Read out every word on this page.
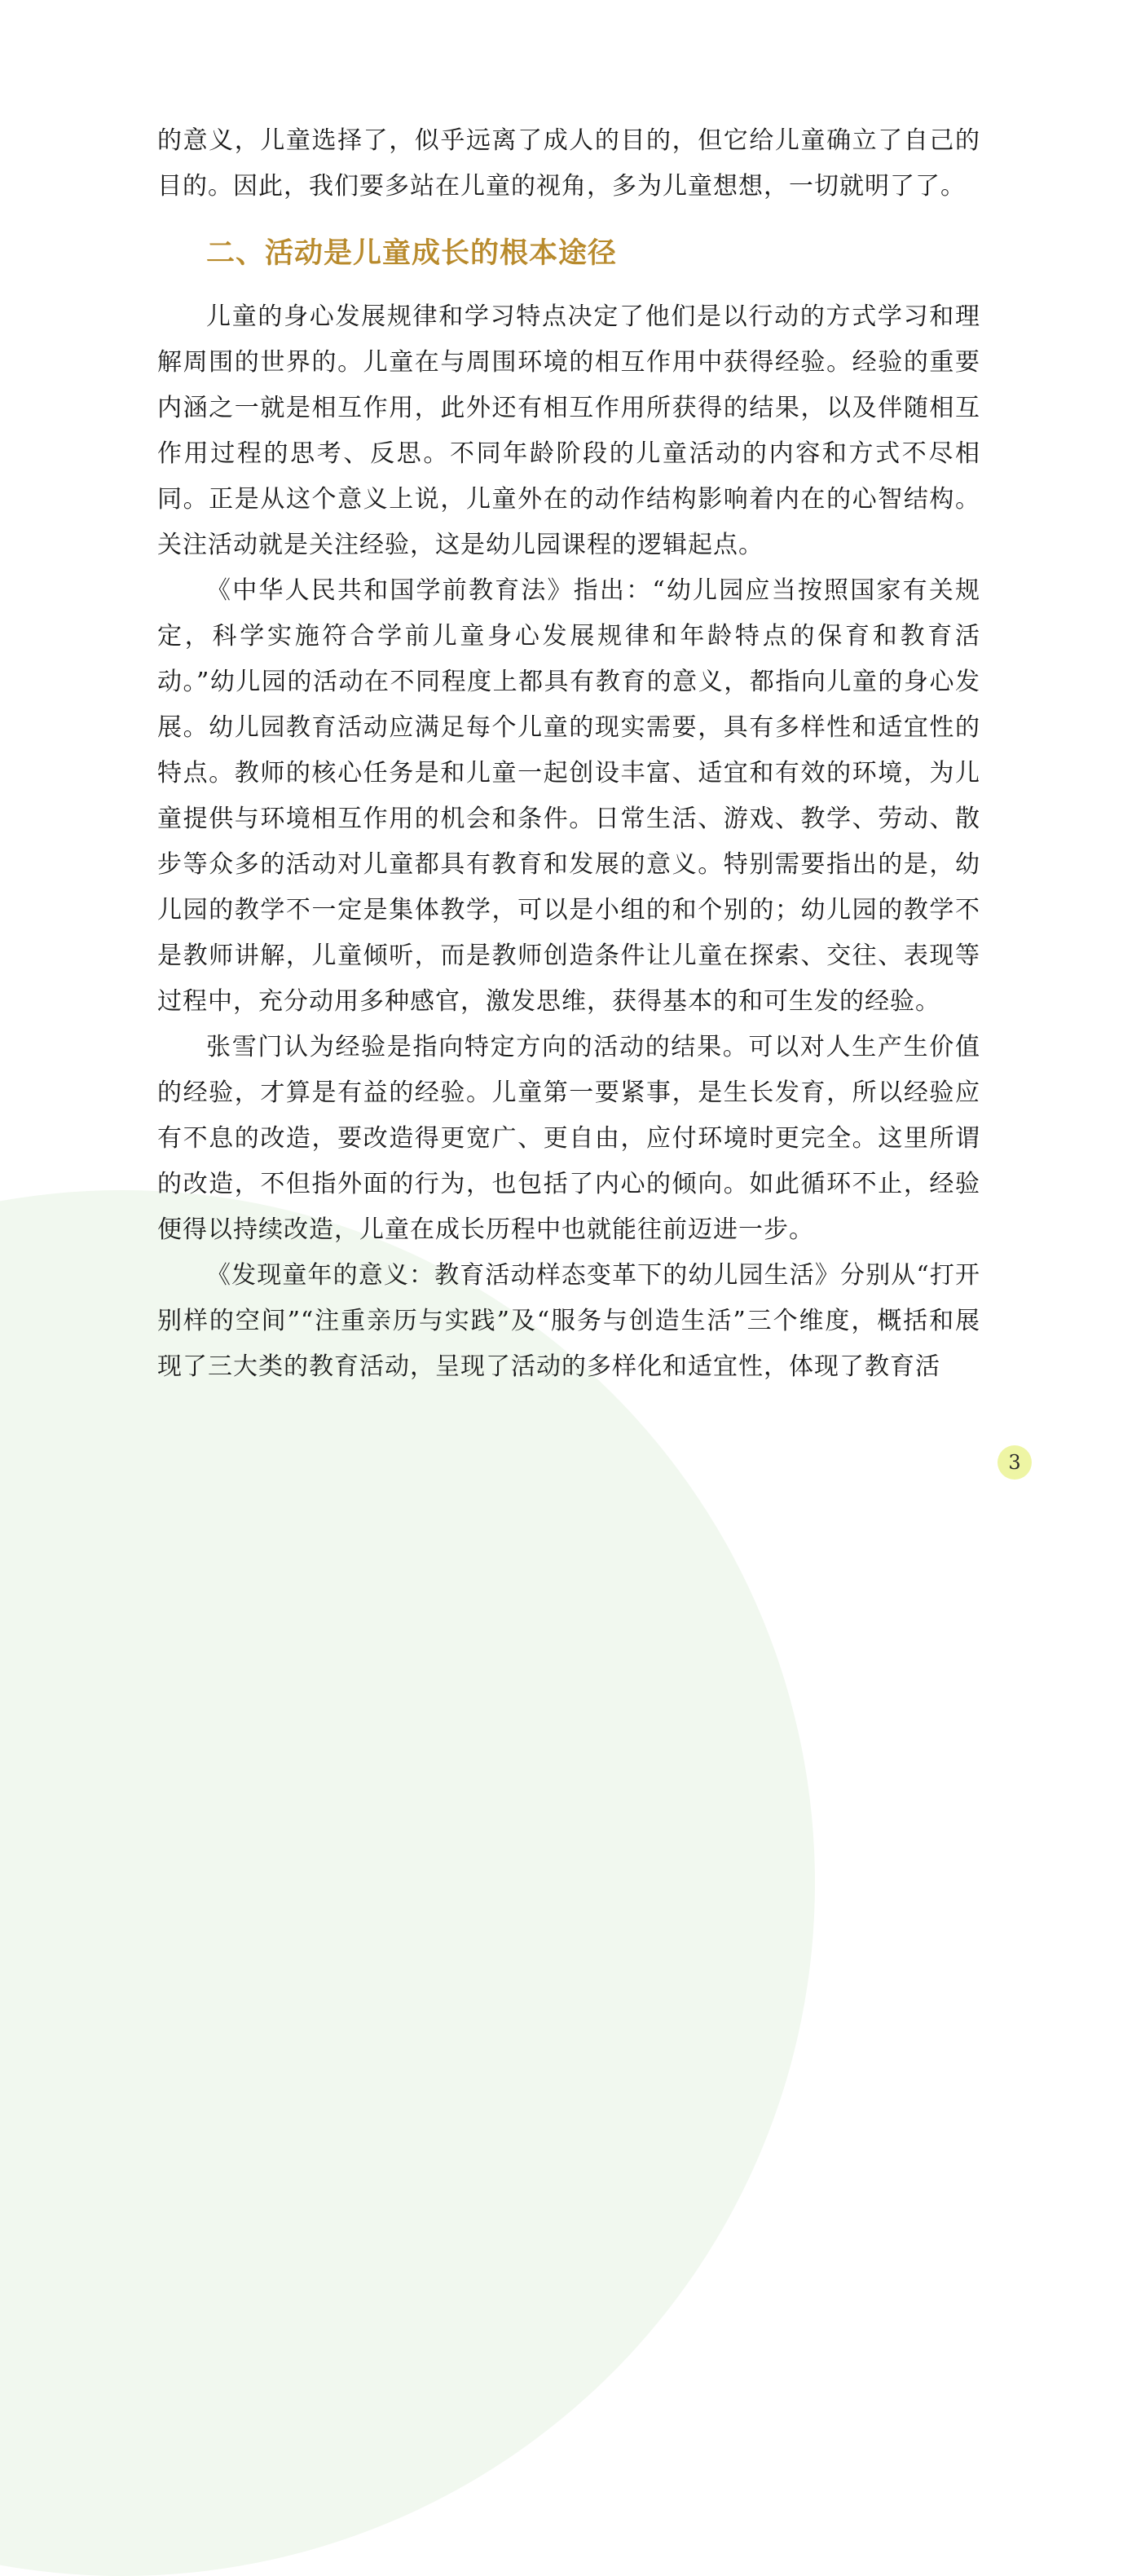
的意义，儿童选择了，似乎远离了成人的目的，但它给儿童确立了自己的目的。因此，我们要多站在儿童的视角，多为儿童想想，一切就明了了。

二、活动是儿童成长的根本途径

儿童的身心发展规律和学习特点决定了他们是以行动的方式学习和理解周围的世界的。儿童在与周围环境的相互作用中获得经验。经验的重要内涵之一就是相互作用，此外还有相互作用所获得的结果，以及伴随相互作用过程的思考、反思。不同年龄阶段的儿童活动的内容和方式不尽相同。正是从这个意义上说，儿童外在的动作结构影响着内在的心智结构。关注活动就是关注经验，这是幼儿园课程的逻辑起点。

《中华人民共和国学前教育法》指出：“幼儿园应当按照国家有关规定，科学实施符合学前儿童身心发展规律和年龄特点的保育和教育活动。”幼儿园的活动在不同程度上都具有教育的意义，都指向儿童的身心发展。幼儿园教育活动应满足每个儿童的现实需要，具有多样性和适宜性的特点。教师的核心任务是和儿童一起创设丰富、适宜和有效的环境，为儿童提供与环境相互作用的机会和条件。日常生活、游戏、教学、劳动、散步等众多的活动对儿童都具有教育和发展的意义。特别需要指出的是，幼儿园的教学不一定是集体教学，可以是小组的和个别的；幼儿园的教学不是教师讲解，儿童倾听，而是教师创造条件让儿童在探索、交往、表现等过程中，充分动用多种感官，激发思维，获得基本的和可生发的经验。

张雪门认为经验是指向特定方向的活动的结果。可以对人生产生价值的经验，才算是有益的经验。儿童第一要紧事，是生长发育，所以经验应有不息的改造，要改造得更宽广、更自由，应付环境时更完全。这里所谓的改造，不但指外面的行为，也包括了内心的倾向。如此循环不止，经验便得以持续改造，儿童在成长历程中也就能往前迈进一步。

《发现童年的意义：教育活动样态变革下的幼儿园生活》分别从“打开别样的空间”“注重亲历与实践”及“服务与创造生活”三个维度，概括和展现了三大类的教育活动，呈现了活动的多样化和适宜性，体现了教育活

3
